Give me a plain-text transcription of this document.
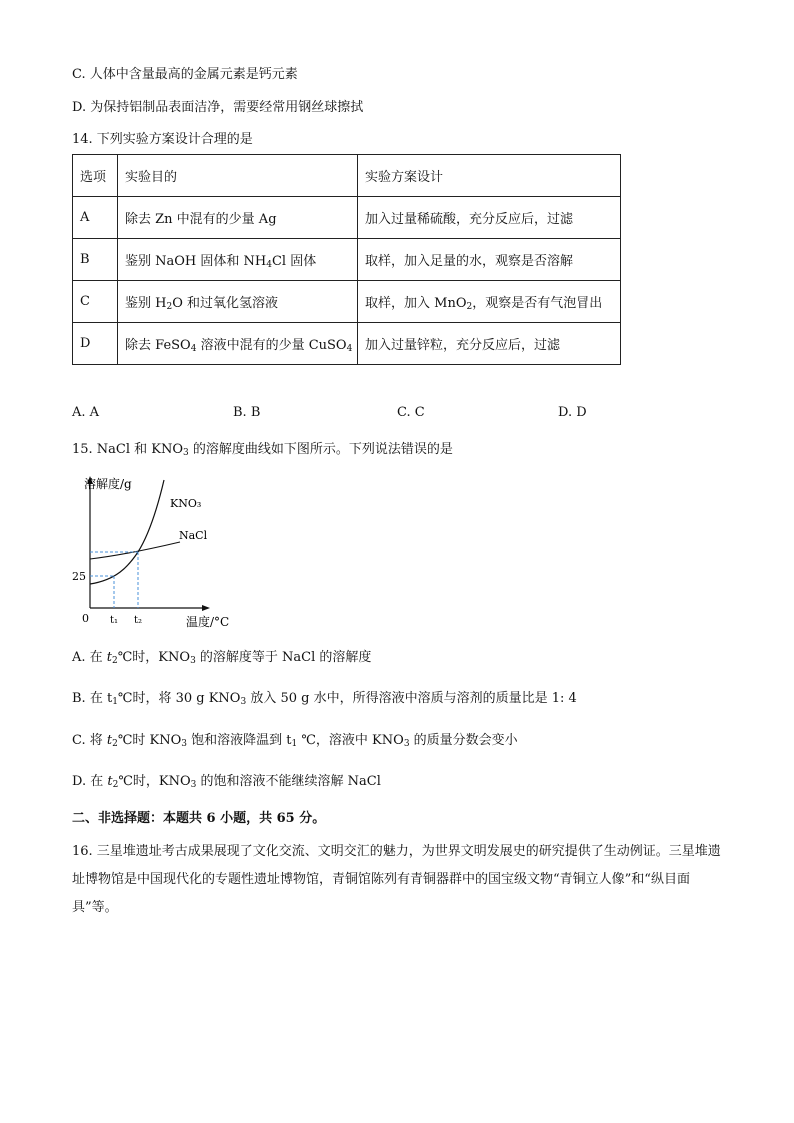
C. 人体中含量最高的金属元素是钙元素
D. 为保持铝制品表面洁净，需要经常用钢丝球擦拭
14. 下列实验方案设计合理的是
选项	实验目的	实验方案设计
A	除去 Zn 中混有的少量 Ag	加入过量稀硫酸，充分反应后，过滤
B	鉴别 NaOH 固体和 $NH_4Cl$ 固体	取样，加入足量的水，观察是否溶解
C	鉴别 $H_2O$ 和过氧化氢溶液	取样，加入 MnO$_2$，观察是否有气泡冒出
D	除去 FeSO$_4$ 溶液中混有的少量 CuSO$_4$	加入过量锌粒，充分反应后，过滤
A. A	B. B	C. C	D. D
15. NaCl 和 $KNO_3$ 的溶解度曲线如下图所示。下列说法错误的是
溶解度/g
KNO₃
NaCl
25
0 t₁ t₂	温度/°C
A. 在 $t_2℃$时，$KNO_3$ 的溶解度等于 NaCl 的溶解度
B. 在 $t_1℃$时，将 30 g $KNO_3$ 放入 50 g 水中，所得溶液中溶质与溶剂的质量比是 1: 4
C. 将 $t_2℃$时 $KNO_3$ 饱和溶液降温到 $t_1$ ℃，溶液中 $KNO_3$ 的质量分数会变小
D. 在 $t_2℃$时，$KNO_3$ 的饱和溶液不能继续溶解 NaCl
二、非选择题：本题共 6 小题，共 65 分。
16. 三星堆遗址考古成果展现了文化交流、文明交汇的魅力，为世界文明发展史的研究提供了生动例证。三星堆遗址博物馆是中国现代化的专题性遗址博物馆，青铜馆陈列有青铜器群中的国宝级文物“青铜立人像”和“纵目面具”等。
